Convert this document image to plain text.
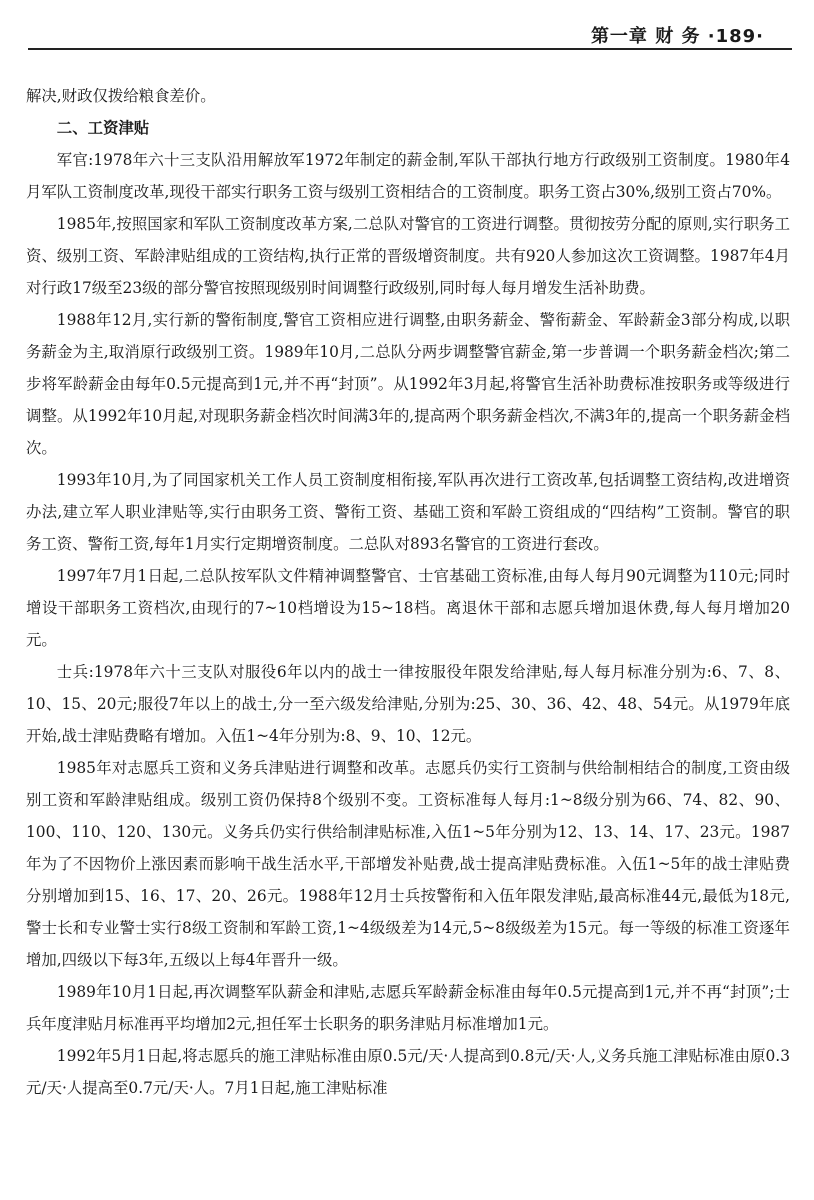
第一章 财 务 ·189·

解决,财政仅拨给粮食差价。

二、工资津贴

军官:1978年六十三支队沿用解放军1972年制定的薪金制,军队干部执行地方行政级别工资制度。1980年4月军队工资制度改革,现役干部实行职务工资与级别工资相结合的工资制度。职务工资占30%,级别工资占70%。

1985年,按照国家和军队工资制度改革方案,二总队对警官的工资进行调整。贯彻按劳分配的原则,实行职务工资、级别工资、军龄津贴组成的工资结构,执行正常的晋级增资制度。共有920人参加这次工资调整。1987年4月对行政17级至23级的部分警官按照现级别时间调整行政级别,同时每人每月增发生活补助费。

1988年12月,实行新的警衔制度,警官工资相应进行调整,由职务薪金、警衔薪金、军龄薪金3部分构成,以职务薪金为主,取消原行政级别工资。1989年10月,二总队分两步调整警官薪金,第一步普调一个职务薪金档次;第二步将军龄薪金由每年0.5元提高到1元,并不再“封顶”。从1992年3月起,将警官生活补助费标准按职务或等级进行调整。从1992年10月起,对现职务薪金档次时间满3年的,提高两个职务薪金档次,不满3年的,提高一个职务薪金档次。

1993年10月,为了同国家机关工作人员工资制度相衔接,军队再次进行工资改革,包括调整工资结构,改进增资办法,建立军人职业津贴等,实行由职务工资、警衔工资、基础工资和军龄工资组成的“四结构”工资制。警官的职务工资、警衔工资,每年1月实行定期增资制度。二总队对893名警官的工资进行套改。

1997年7月1日起,二总队按军队文件精神调整警官、士官基础工资标准,由每人每月90元调整为110元;同时增设干部职务工资档次,由现行的7~10档增设为15~18档。离退休干部和志愿兵增加退休费,每人每月增加20元。

士兵:1978年六十三支队对服役6年以内的战士一律按服役年限发给津贴,每人每月标准分别为:6、7、8、10、15、20元;服役7年以上的战士,分一至六级发给津贴,分别为:25、30、36、42、48、54元。从1979年底开始,战士津贴费略有增加。入伍1~4年分别为:8、9、10、12元。

1985年对志愿兵工资和义务兵津贴进行调整和改革。志愿兵仍实行工资制与供给制相结合的制度,工资由级别工资和军龄津贴组成。级别工资仍保持8个级别不变。工资标准每人每月:1~8级分别为66、74、82、90、100、110、120、130元。义务兵仍实行供给制津贴标准,入伍1~5年分别为12、13、14、17、23元。1987年为了不因物价上涨因素而影响干战生活水平,干部增发补贴费,战士提高津贴费标准。入伍1~5年的战士津贴费分别增加到15、16、17、20、26元。1988年12月士兵按警衔和入伍年限发津贴,最高标准44元,最低为18元,警士长和专业警士实行8级工资制和军龄工资,1~4级级差为14元,5~8级级差为15元。每一等级的标准工资逐年增加,四级以下每3年,五级以上每4年晋升一级。

1989年10月1日起,再次调整军队薪金和津贴,志愿兵军龄薪金标准由每年0.5元提高到1元,并不再“封顶”;士兵年度津贴月标准再平均增加2元,担任军士长职务的职务津贴月标准增加1元。

1992年5月1日起,将志愿兵的施工津贴标准由原0.5元/天·人提高到0.8元/天·人,义务兵施工津贴标准由原0.3元/天·人提高至0.7元/天·人。7月1日起,施工津贴标准
